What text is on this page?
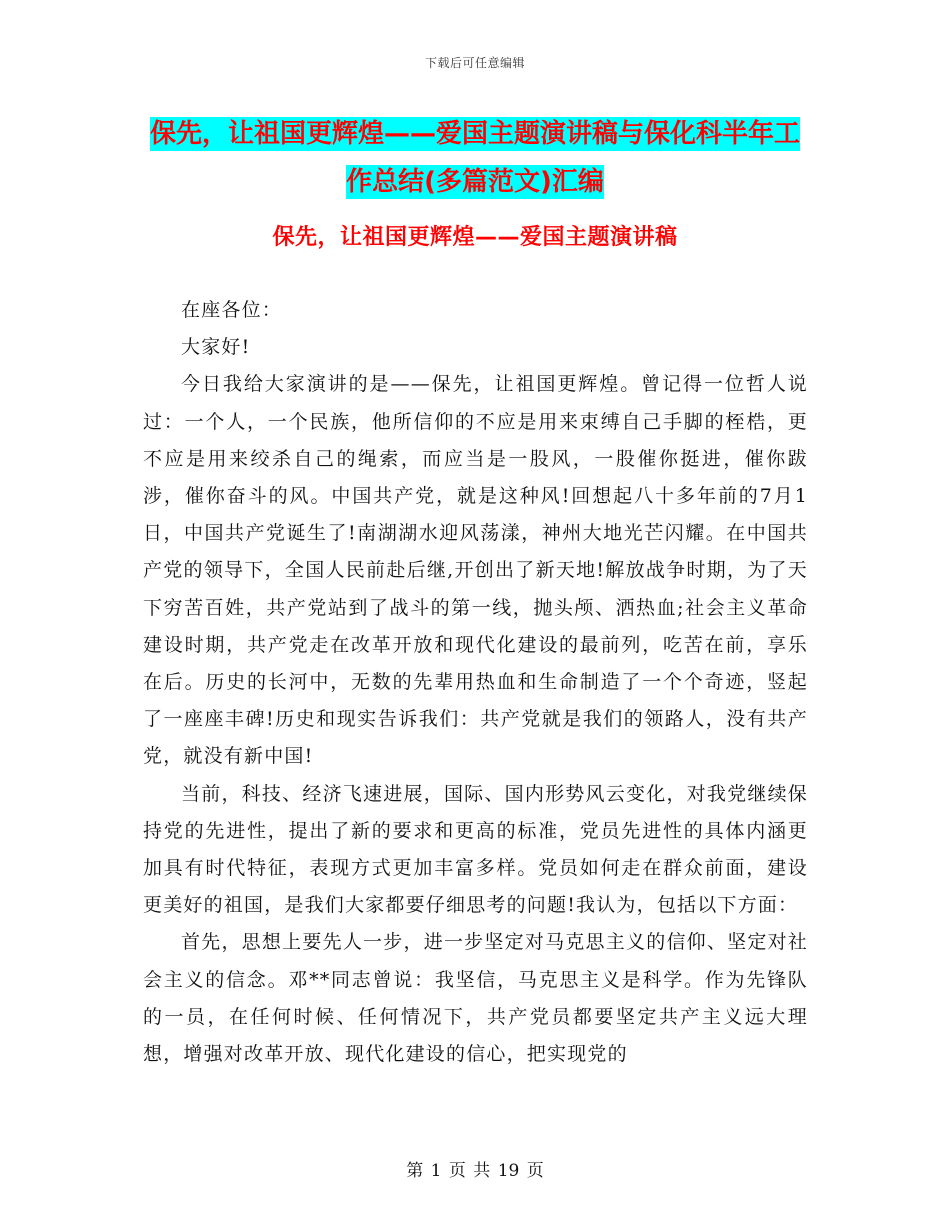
下载后可任意编辑
保先，让祖国更辉煌——爱国主题演讲稿与保化科半年工作总结(多篇范文)汇编
保先，让祖国更辉煌——爱国主题演讲稿

在座各位：

大家好!

今日我给大家演讲的是——保先，让祖国更辉煌。曾记得一位哲人说过：一个人，一个民族，他所信仰的不应是用来束缚自己手脚的桎梏，更不应是用来绞杀自己的绳索，而应当是一股风，一股催你挺进，催你跋涉，催你奋斗的风。中国共产党，就是这种风!回想起八十多年前的7月1日，中国共产党诞生了!南湖湖水迎风荡漾，神州大地光芒闪耀。在中国共产党的领导下，全国人民前赴后继,开创出了新天地!解放战争时期，为了天下穷苦百姓，共产党站到了战斗的第一线，抛头颅、洒热血;社会主义革命建设时期，共产党走在改革开放和现代化建设的最前列，吃苦在前，享乐在后。历史的长河中，无数的先辈用热血和生命制造了一个个奇迹，竖起了一座座丰碑!历史和现实告诉我们：共产党就是我们的领路人，没有共产党，就没有新中国!

当前，科技、经济飞速进展，国际、国内形势风云变化，对我党继续保持党的先进性，提出了新的要求和更高的标准，党员先进性的具体内涵更加具有时代特征，表现方式更加丰富多样。党员如何走在群众前面，建设更美好的祖国，是我们大家都要仔细思考的问题!我认为，包括以下方面：

首先，思想上要先人一步，进一步坚定对马克思主义的信仰、坚定对社会主义的信念。邓**同志曾说：我坚信，马克思主义是科学。作为先锋队的一员，在任何时候、任何情况下，共产党员都要坚定共产主义远大理想，增强对改革开放、现代化建设的信心，把实现党的

第 1 页 共 19 页
